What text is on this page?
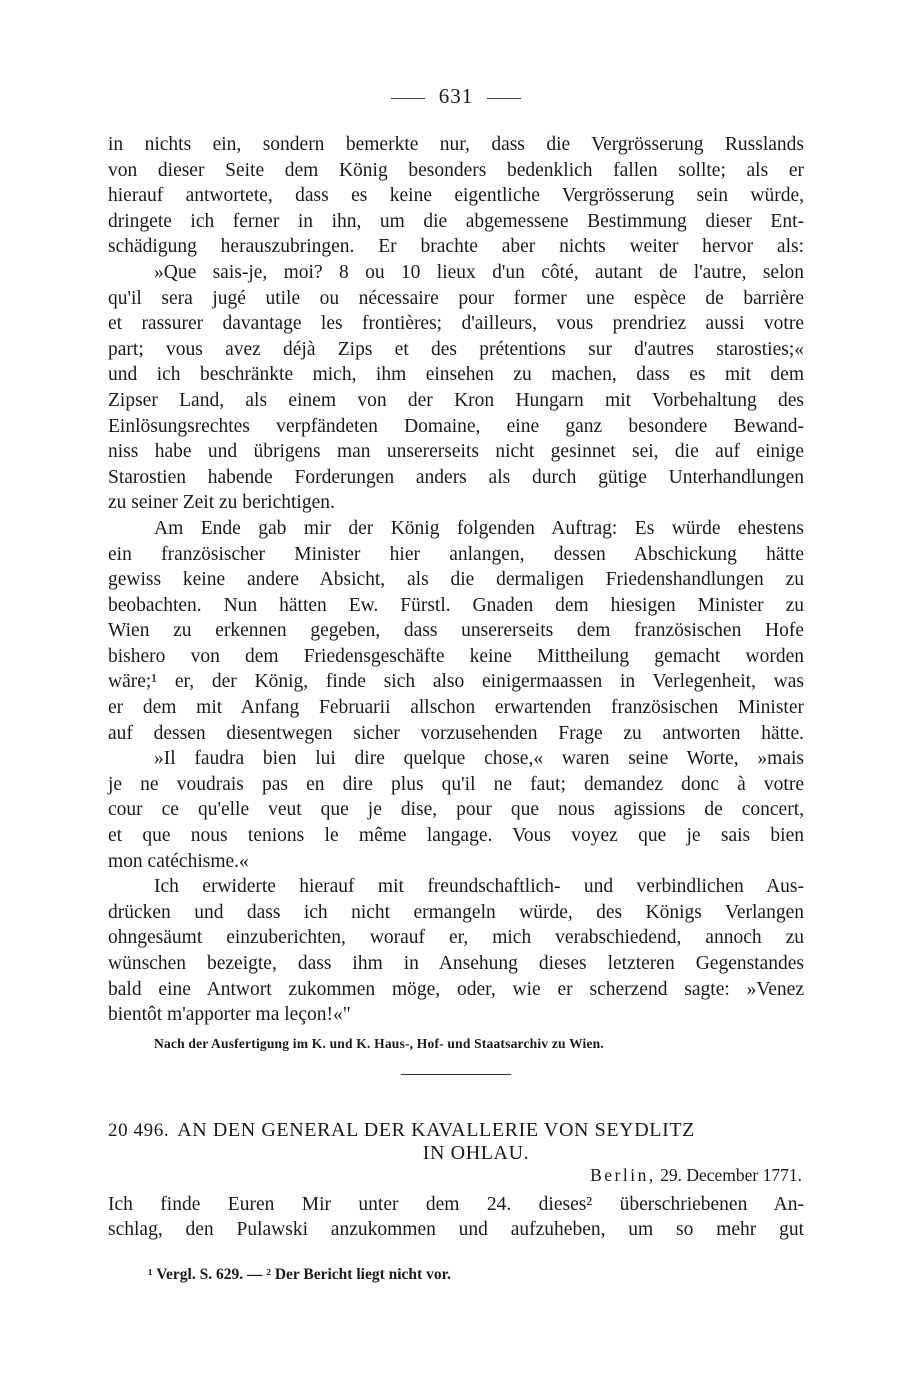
631
in nichts ein, sondern bemerkte nur, dass die Vergrösserung Russlands
von dieser Seite dem König besonders bedenklich fallen sollte; als er
hierauf antwortete, dass es keine eigentliche Vergrösserung sein würde,
dringete ich ferner in ihn, um die abgemessene Bestimmung dieser Ent-
schädigung herauszubringen. Er brachte aber nichts weiter hervor als:
»Que sais-je, moi? 8 ou 10 lieux d'un côté, autant de l'autre, selon
qu'il sera jugé utile ou nécessaire pour former une espèce de barrière
et rassurer davantage les frontières; d'ailleurs, vous prendriez aussi votre
part; vous avez déjà Zips et des prétentions sur d'autres starosties;«
und ich beschränkte mich, ihm einsehen zu machen, dass es mit dem
Zipser Land, als einem von der Kron Hungarn mit Vorbehaltung des
Einlösungsrechtes verpfändeten Domaine, eine ganz besondere Bewand-
niss habe und übrigens man unsererseits nicht gesinnet sei, die auf einige
Starostien habende Forderungen anders als durch gütige Unterhandlungen
zu seiner Zeit zu berichtigen.
Am Ende gab mir der König folgenden Auftrag: Es würde ehestens
ein französischer Minister hier anlangen, dessen Abschickung hätte
gewiss keine andere Absicht, als die dermaligen Friedenshandlungen zu
beobachten. Nun hätten Ew. Fürstl. Gnaden dem hiesigen Minister zu
Wien zu erkennen gegeben, dass unsererseits dem französischen Hofe
bishero von dem Friedensgeschäfte keine Mittheilung gemacht worden
wäre;¹ er, der König, finde sich also einigermaassen in Verlegenheit, was
er dem mit Anfang Februarii allschon erwartenden französischen Minister
auf dessen diesentwegen sicher vorzusehenden Frage zu antworten hätte.
»Il faudra bien lui dire quelque chose,« waren seine Worte, »mais
je ne voudrais pas en dire plus qu'il ne faut; demandez donc à votre
cour ce qu'elle veut que je dise, pour que nous agissions de concert,
et que nous tenions le même langage. Vous voyez que je sais bien
mon catéchisme.«
Ich erwiderte hierauf mit freundschaftlich- und verbindlichen Aus-
drücken und dass ich nicht ermangeln würde, des Königs Verlangen
ohngesäumt einzuberichten, worauf er, mich verabschiedend, annoch zu
wünschen bezeigte, dass ihm in Ansehung dieses letzteren Gegenstandes
bald eine Antwort zukommen möge, oder, wie er scherzend sagte: »Venez
bientôt m'apporter ma leçon!«"
Nach der Ausfertigung im K. und K. Haus-, Hof- und Staatsarchiv zu Wien.
20 496. AN DEN GENERAL DER KAVALLERIE VON SEYDLITZ
IN OHLAU.
Berlin, 29. December 1771.
Ich finde Euren Mir unter dem 24. dieses² überschriebenen An-
schlag, den Pulawski anzukommen und aufzuheben, um so mehr gut
¹ Vergl. S. 629. — ² Der Bericht liegt nicht vor.
